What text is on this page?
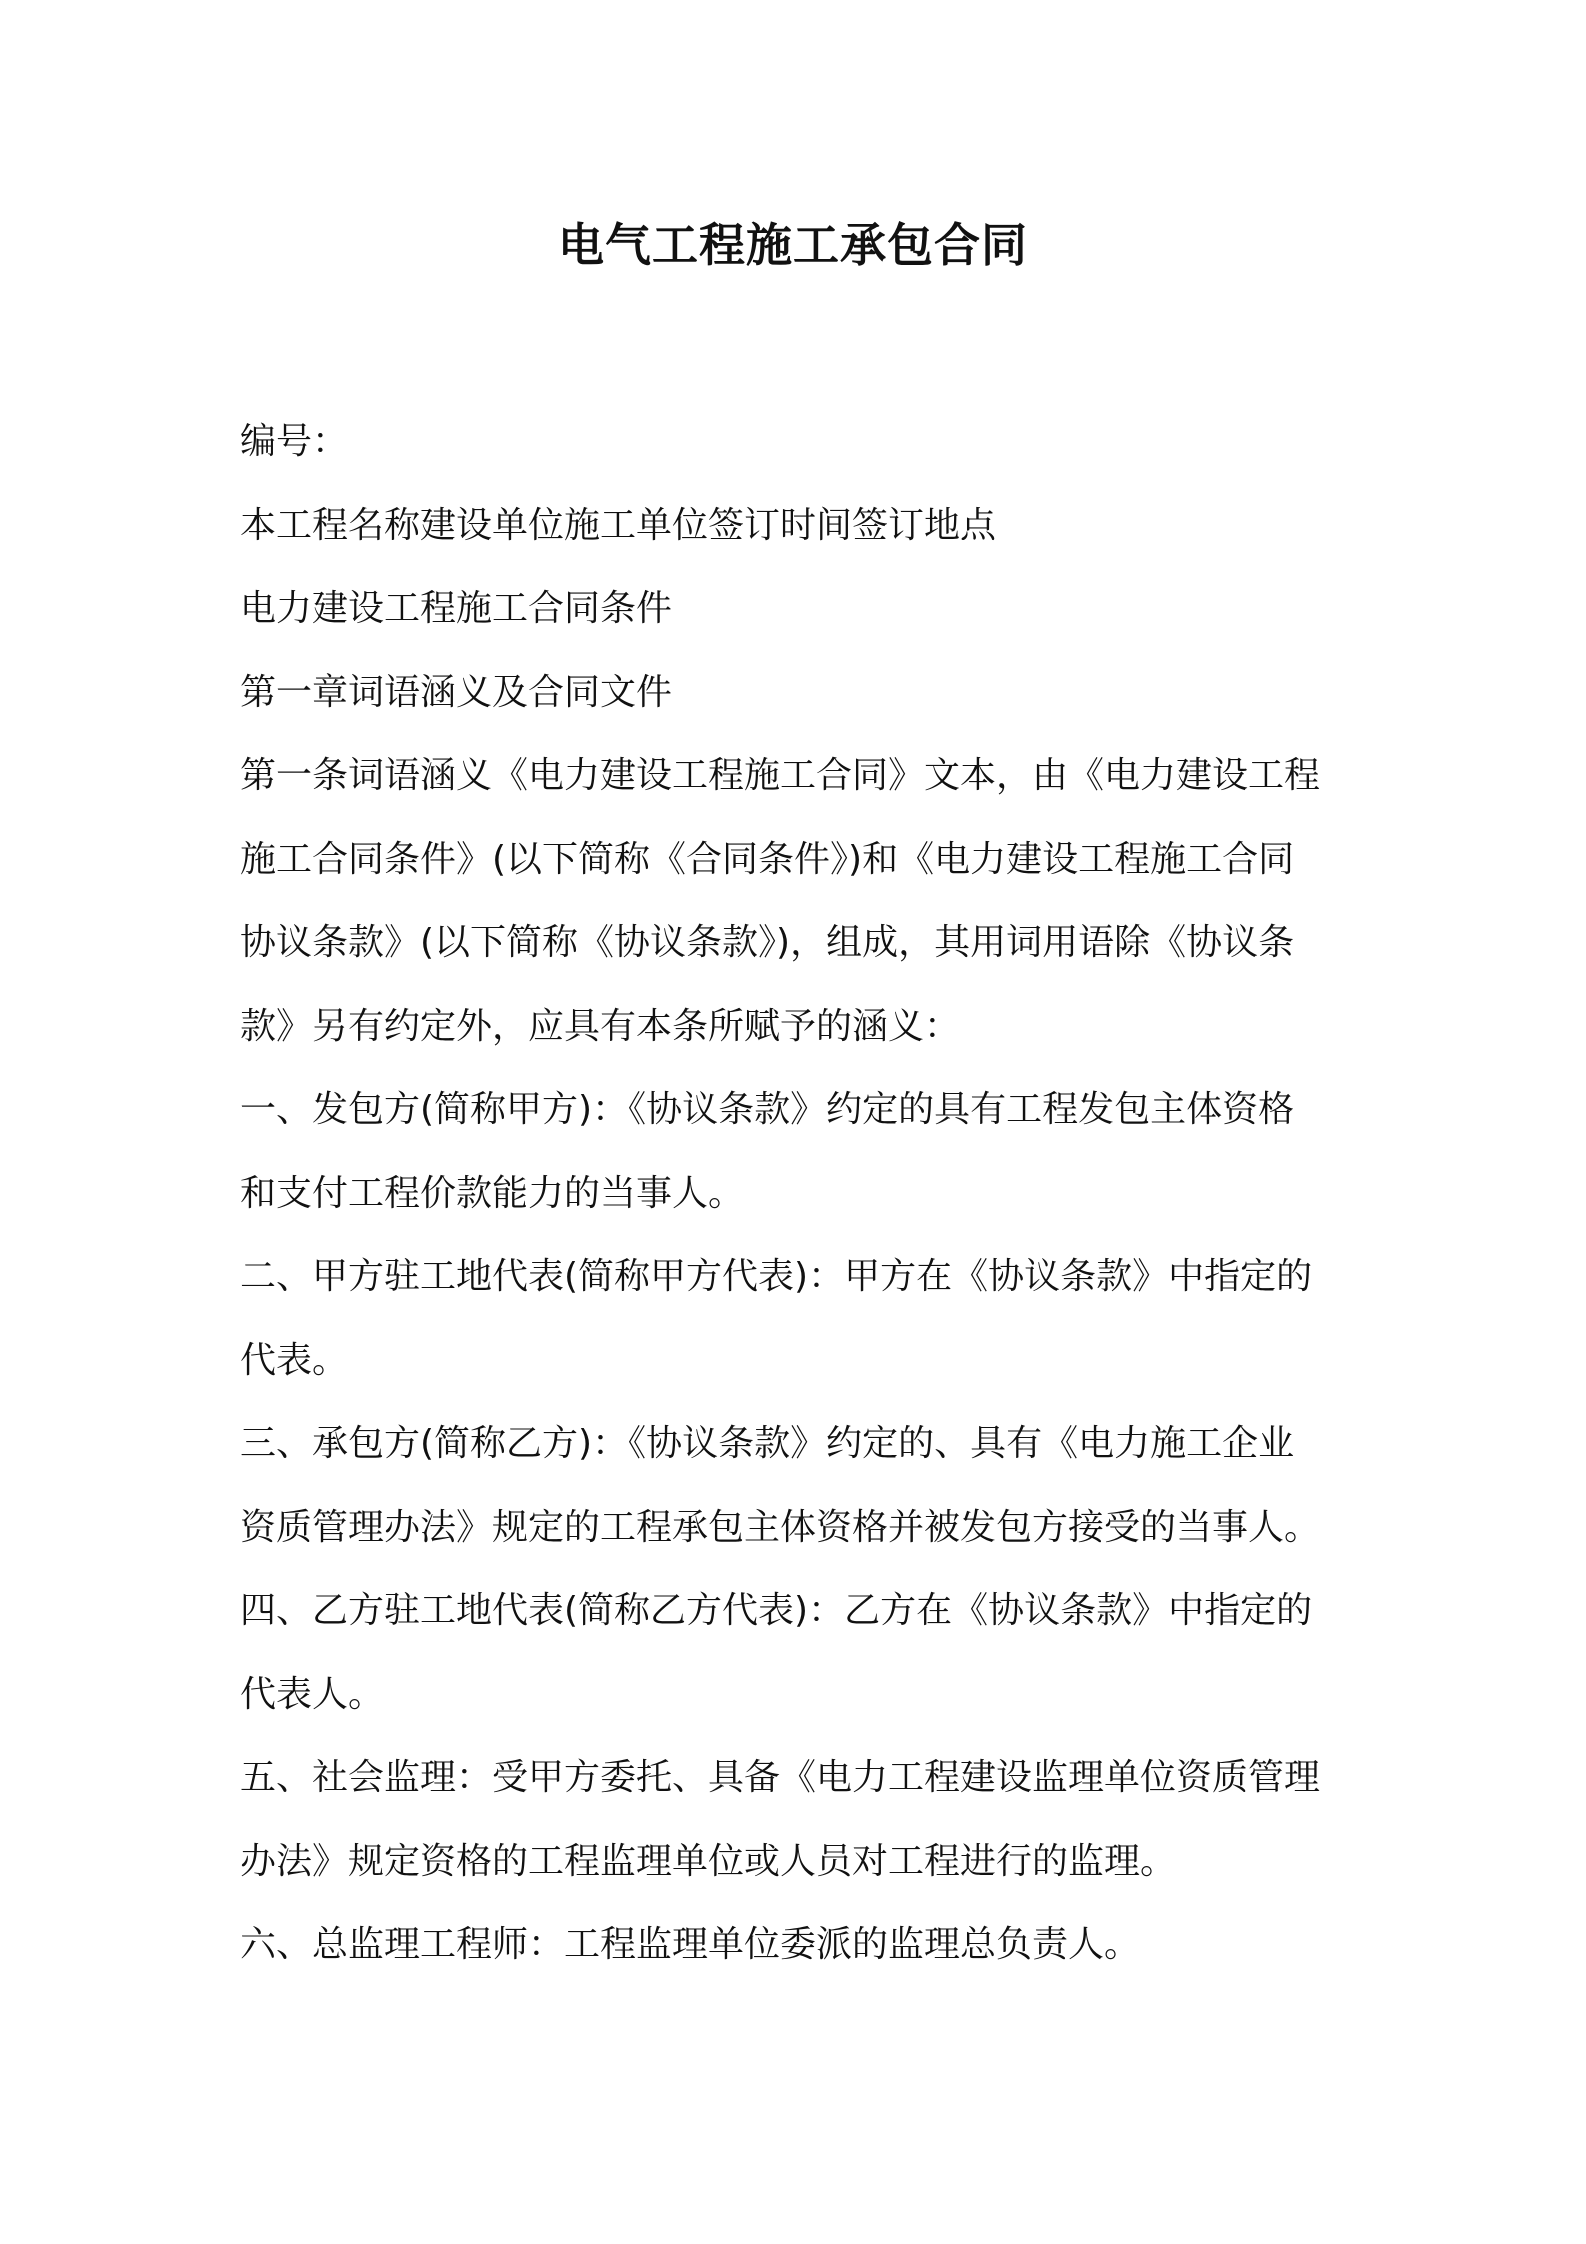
电气工程施工承包合同

编号：

本工程名称建设单位施工单位签订时间签订地点

电力建设工程施工合同条件

第一章词语涵义及合同文件

第一条词语涵义《电力建设工程施工合同》文本，由《电力建设工程

施工合同条件》(以下简称《合同条件》)和《电力建设工程施工合同

协议条款》(以下简称《协议条款》)，组成，其用词用语除《协议条

款》另有约定外，应具有本条所赋予的涵义：

一、发包方(简称甲方)：《协议条款》约定的具有工程发包主体资格

和支付工程价款能力的当事人。

二、甲方驻工地代表(简称甲方代表)：甲方在《协议条款》中指定的

代表。

三、承包方(简称乙方)：《协议条款》约定的、具有《电力施工企业

资质管理办法》规定的工程承包主体资格并被发包方接受的当事人。

四、乙方驻工地代表(简称乙方代表)：乙方在《协议条款》中指定的

代表人。

五、社会监理：受甲方委托、具备《电力工程建设监理单位资质管理

办法》规定资格的工程监理单位或人员对工程进行的监理。

六、总监理工程师：工程监理单位委派的监理总负责人。
